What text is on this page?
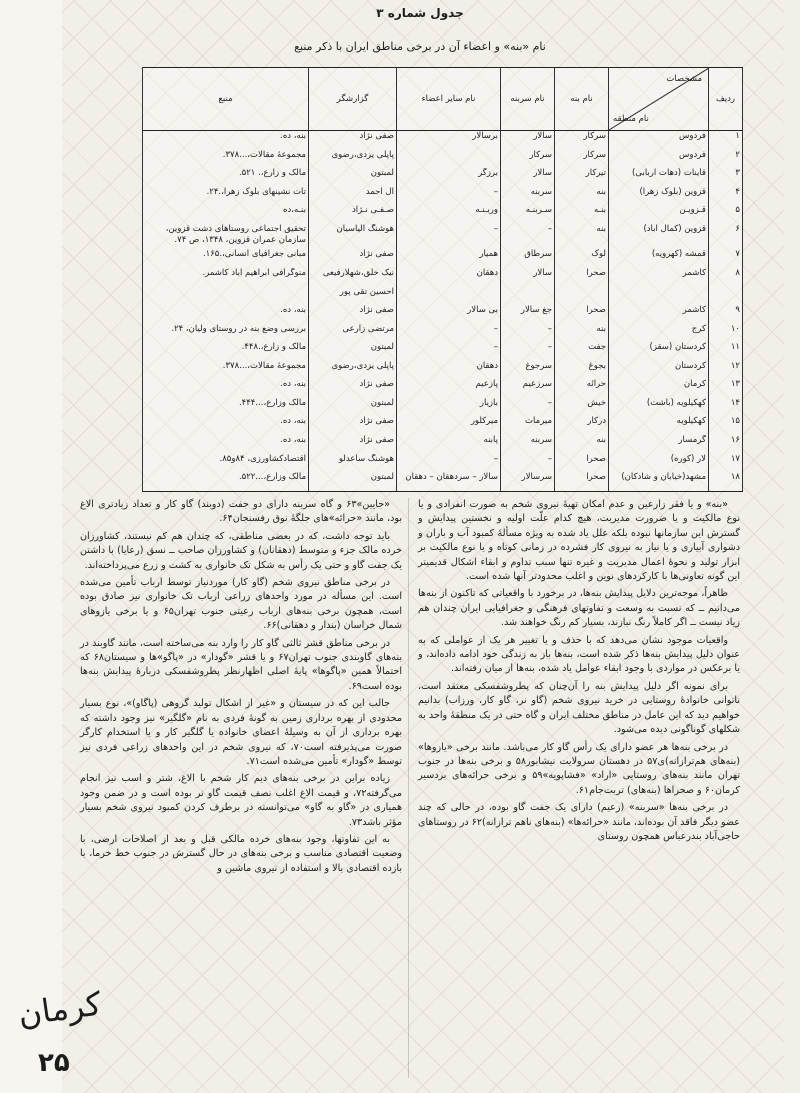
جدول شماره ۳
نام «بنه» و اعضاء آن در برخی مناطق ایران با ذکر منبع
ردیف	مشخصات
نام منطقه	نام بنه	نام سربنه	نام سایر اعضاء	گزارشگر	منبع
۱	فردوس	سرکار	سالار	برسالار	صفی نژاد	بنه، ده.
۲	فردوس	سرکار	سرکار		پاپلی یزدی،رضوی	مجموعهٔ مقالات،...۳۷۸.
۳	قاینات (دهات اربابی)	تیرکار	سالار	برزگر	لمبتون	مالک و زارع،. ۵۲۱.
۴	قزوین (بلوک زهرا)	بنه	سربنه	–	آل احمد	تات نشینهای بلوک زهرا،.۲۴.
۵	قـزویـن	بنـه	سـربنـه	وربـنـه	صـفـی نـژاد	بنـه،ده
۶	قزوین (کمال آباد)	بنه	–	–	هوشنگ الیاسیان	تحقیق اجتماعی روستاهای دشت قزوین، سازمان عمران قزوین، ۱۳۴۸، ص ۷۴.
۷	قمشه (کهرویه)	لوک	سرطاق	همیار	صفی نژاد	مبانی جغرافیای انسانی،.۱۶۵.
۸	کاشمر	صحرا	سالار	دهقان	نیک خلق،شهلارفیعی	منوگرافی ابراهیم آباد کاشمر.
					احسین تقی پور	
۹	کاشمر	صحرا	جغ سالار	بی سالار	صفی نژاد	بنه، ده.
۱۰	کرج	بنه	–	–	مرتضی زارعی	بررسی وضع بنه در روستای ولیان، ۲۴.
۱۱	کردستان (سقز)	جفت	–	–	لمبتون	مالک و زارع،.۴۴۸.
۱۲	کردستان	بجوغ	سرجوغ	دهقان	پاپلی یزدی،رضوی	مجموعهٔ مقالات،...۳۷۸.
۱۳	کرمان	حرائه	سرزعیم	پازعیم	صفی نژاد	بنه، ده.
۱۴	کهکیلویه (باشت)	خیش	–	بازیار	لمبتون	مالک وزارع،...۴۴۴.
۱۵	کهکیلویه	درکار	میرمات	میرکلور	صفی نژاد	بنه، ده.
۱۶	گرمسار	بنه	سربنه	پابنه	صفی نژاد	بنه، ده.
۱۷	لار (کوره)	صحرا	–	–	هوشنگ ساعدلو	اقتصادکشاورزی، ۸۴و۸۵.
۱۸	مشهد(خیابان و شادکان)	صحرا	سرسالار	سالار – سردهقان – دهقان	لمبتون	مالک وزارع،...۵۲۲.

«بنه» و یا فقر زارعین و عدم امکان تهیهٔ نیروی شخم به صورت انفرادی و یا نوع مالکیت و یا ضرورت مدیریت، هیچ کدام علّت اولیه و نخستین پیدایش و گسترش این سازمانها نبوده بلکه علل یاد شده به ویژه مسألهٔ کمبود آب و باران و دشواری آبیاری و یا نیاز به نیروی کار فشرده در زمانی کوتاه و یا نوع مالکیت بر ابزار تولید و نحوهٔ اعمال مدیریت و غیره تنها سبب تداوم و ابقاء اشکال قدیمیتر این گونه تعاونی‌ها با کارکردهای نوین و اغلب محدودتر آنها شده است.

ظاهراً، موجه‌ترین دلایل پیدایش بنه‌ها، در برخورد با واقعیاتی که تاکنون از بنه‌ها می‌دانیم ــ که نسبت به وسعت و تفاوتهای فرهنگی و جغرافیایی ایران چندان هم زیاد نیست ــ اگر کاملاً رنگ نبازند، بسیار کم رنگ خواهند شد.

واقعیات موجود نشان می‌دهد که با حذف و یا تغییر هر یک از عواملی که به عنوان دلیل پیدایش بنه‌ها ذکر شده است، بنه‌ها باز به زندگی خود ادامه داده‌اند، و یا برعکس در مواردی با وجود ابقاء عوامل یاد شده، بنه‌ها از میان رفته‌اند.

برای نمونه اگر دلیل پیدایش بنه را آن‌چنان که پطروشفسکی معتقد است، ناتوانی خانوادهٔ روستایی در خرید نیروی شخم (گاو نر، گاو کار، ورزاب) بدانیم خواهیم دید که این عامل در مناطق مختلف ایران و گاه حتی در یک منطقهٔ واحد به شکلهای گوناگونی دیده می‌شود.

در برخی بنه‌ها هر عضو دارای یک رأس گاو کار می‌باشد. مانند برخی «یازوها» (بنه‌های هم‌ترازانه)ی۵۷ در دهستان سرولایت نیشابور۵۸ و برخی بنه‌ها در جنوب تهران مانند بنه‌های روستایی «اراد» «فشاپویه»۵۹ و برخی حرائه‌های بردسیر کرمان۶۰ و صحراها (بنه‌های) تربت‌جام۶۱.

در برخی بنه‌ها «سربنه» (زعیم) دارای یک جفت گاو بوده، در حالی که چند عضو دیگر فاقد آن بوده‌اند، مانند «حرائه‌ها» (بنه‌های ناهم ترازانه)۶۲ در روستاهای حاجی‌آباد بندرعباس همچون روستای

«جایین»۶۳ و گاه سربنه دارای دو جفت (دوبند) گاو کار و تعداد زیادتری الاغ بود، مانند «حرائه»های جلگهٔ نوق رفسنجان۶۴.

باید توجه داشت، که در بعضی مناطقی، که چندان هم کم نیستند، کشاورزان خرده مالک جزء و متوسط (دهقانان) و کشاورزان صاحب ــ نسق (رعایا) با داشتن یک جفت گاو و حتی یک رأس به شکل تک خانواری به کشت و زرع می‌پرداخته‌اند.

در برخی مناطق نیروی شخم (گاو کار) موردنیاز توسط ارباب تأمین می‌شده است. این مسأله در مورد واحدهای زراعی ارباب تک خانواری نیز صادق بوده است، همچون برخی بنه‌های ارباب رعیتی جنوب تهران۶۵ و یا برخی یازوهای شمال خراسان (بندار و دهقانی)۶۶.

در برخی مناطق قشر ثالثی گاو کار را وارد بنه می‌ساخته است، مانند گاوبند در بنه‌های گاوبندی جنوب تهران۶۷ و یا قشر «گودار» در «پاگو»ها و سیستان۶۸ که احتمالاً همین «پاگوها» پایهٔ اصلی اظهارنظر پطروشفسکی دربارهٔ پیدایش بنه‌ها بوده است۶۹.

جالب این که در سیستان و «غیر از اشکال تولید گروهی (پاگاو)»، نوع بسیار محدودی از بهره برداری زمین به گونهٔ فردی به نام «گلگیر» نیز وجود داشته که بهره برداری از آن به وسیلهٔ اعضای خانواده یا گلگیر کار و یا استخدام کارگر صورت می‌پذیرفته است۷۰، که نیروی شخم در این واحدهای زراعی فردی نیز توسط «گودار» تأمین می‌شده است۷۱.

زیاده براین در برخی بنه‌های دیم کار شخم با الاغ، شتر و اسب نیز انجام می‌گرفته۷۲، و قیمت الاغ اغلب نصف قیمت گاو نر بوده است و در ضمن وجود همیاری در «گاو به گاو» می‌توانسته در برطرف کردن کمبود نیروی شخم بسیار مؤثر باشد۷۳.

به این تفاوتها، وجود بنه‌های خرده مالکی قبل و بعد از اصلاحات ارضی، با وضعیت اقتصادی مناسب و برخی بنه‌های در حال گسترش در جنوب خط خرما، با بازده اقتصادی بالا و استفاده از نیروی ماشین و

کرمان
۲۵
